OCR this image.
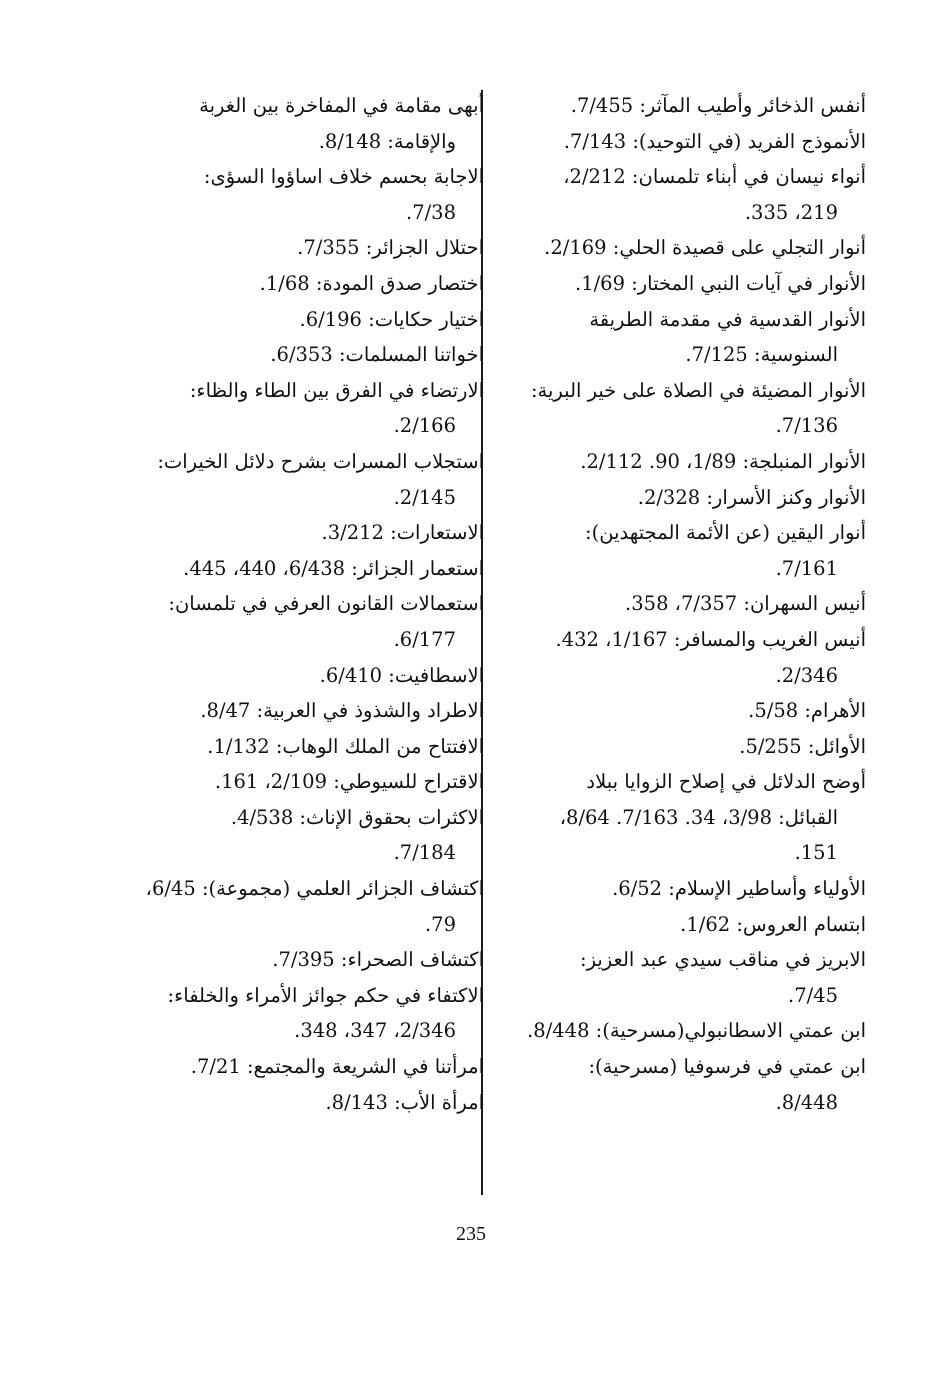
أنفس الذخائر وأطيب المآثر: 7/455.

الأنموذج الفريد (في التوحيد): 7/143.

أنواء نيسان في أبناء تلمسان: 2/212،
219، 335.

أنوار التجلي على قصيدة الحلي: 2/169.

الأنوار في آيات النبي المختار: 1/69.

الأنوار القدسية في مقدمة الطريقة
السنوسية: 7/125.

الأنوار المضيئة في الصلاة على خير البرية:
7/136.

الأنوار المنبلجة: 1/89، 90. 2/112.

الأنوار وكنز الأسرار: 2/328.

أنوار اليقين (عن الأئمة المجتهدين):
7/161.

أنيس السهران: 7/357، 358.

أنيس الغريب والمسافر: 1/167، 432.
2/346.

الأهرام: 5/58.

الأوائل: 5/255.

أوضح الدلائل في إصلاح الزوايا ببلاد
القبائل: 3/98، 34. 7/163. 8/64،
151.

الأولياء وأساطير الإسلام: 6/52.

ابتسام العروس: 1/62.

الابريز في مناقب سيدي عبد العزيز:
7/45.

ابن عمتي الاسطانبولي(مسرحية): 8/448.

ابن عمتي في فرسوفيا (مسرحية):
8/448.

أبهى مقامة في المفاخرة بين الغربة
والإقامة: 8/148.

الاجابة بحسم خلاف اساؤوا السؤى:
7/38.

احتلال الجزائر: 7/355.

اختصار صدق المودة: 1/68.

اختيار حكايات: 6/196.

اخواتنا المسلمات: 6/353.

الارتضاء في الفرق بين الطاء والظاء:
2/166.

استجلاب المسرات بشرح دلائل الخيرات:
2/145.

الاستعارات: 3/212.

استعمار الجزائر: 6/438، 440، 445.

استعمالات القانون العرفي في تلمسان:
6/177.

الاسطافيت: 6/410.

الاطراد والشذوذ في العربية: 8/47.

الافتتاح من الملك الوهاب: 1/132.

الاقتراح للسيوطي: 2/109، 161.

الاكثرات بحقوق الإناث: 4/538.
7/184.

اكتشاف الجزائر العلمي (مجموعة): 6/45،
79.

اكتشاف الصحراء: 7/395.

الاكتفاء في حكم جوائز الأمراء والخلفاء:
2/346، 347، 348.

امرأتنا في الشريعة والمجتمع: 7/21.

امرأة الأب: 8/143.

235
